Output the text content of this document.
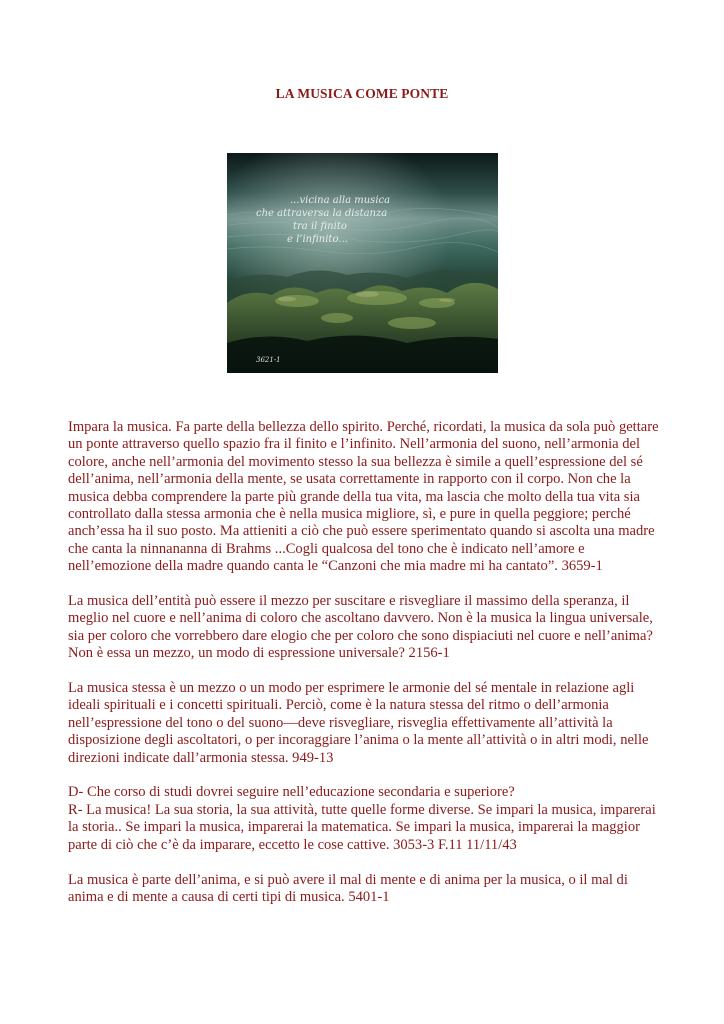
LA MUSICA COME PONTE
...vicina alla musica
che attraversa la distanza
tra il finito
e l’infinito...
3621-1

Impara la musica. Fa parte della bellezza dello spirito. Perché, ricordati, la musica da sola può gettare un ponte attraverso quello spazio fra il finito e l’infinito. Nell’armonia del suono, nell’armonia del colore, anche nell’armonia del movimento stesso la sua bellezza è simile a quell’espressione del sé dell’anima, nell’armonia della mente, se usata correttamente in rapporto con il corpo. Non che la musica debba comprendere la parte più grande della tua vita, ma lascia che molto della tua vita sia controllato dalla stessa armonia che è nella musica migliore, sì, e pure in quella peggiore; perché anch’essa ha il suo posto. Ma attieniti a ciò che può essere sperimentato quando si ascolta una madre che canta la ninnananna di Brahms ...Cogli qualcosa del tono che è indicato nell’amore e nell’emozione della madre quando canta le “Canzoni che mia madre mi ha cantato”. 3659-1

La musica dell’entità può essere il mezzo per suscitare e risvegliare il massimo della speranza, il meglio nel cuore e nell’anima di coloro che ascoltano davvero. Non è la musica la lingua universale, sia per coloro che vorrebbero dare elogio che per coloro che sono dispiaciuti nel cuore e nell’anima? Non è essa un mezzo, un modo di espressione universale? 2156-1

La musica stessa è un mezzo o un modo per esprimere le armonie del sé mentale in relazione agli ideali spirituali e i concetti spirituali. Perciò, come è la natura stessa del ritmo o dell’armonia nell’espressione del tono o del suono—deve risvegliare, risveglia effettivamente all’attività la disposizione degli ascoltatori, o per incoraggiare l’anima o la mente all’attività o in altri modi, nelle direzioni indicate dall’armonia stessa. 949-13

D- Che corso di studi dovrei seguire nell’educazione secondaria e superiore?
R- La musica! La sua storia, la sua attività, tutte quelle forme diverse. Se impari la musica, imparerai la storia.. Se impari la musica, imparerai la matematica. Se impari la musica, imparerai la maggior parte di ciò che c’è da imparare, eccetto le cose cattive. 3053-3 F.11 11/11/43

La musica è parte dell’anima, e si può avere il mal di mente e di anima per la musica, o il mal di anima e di mente a causa di certi tipi di musica. 5401-1
